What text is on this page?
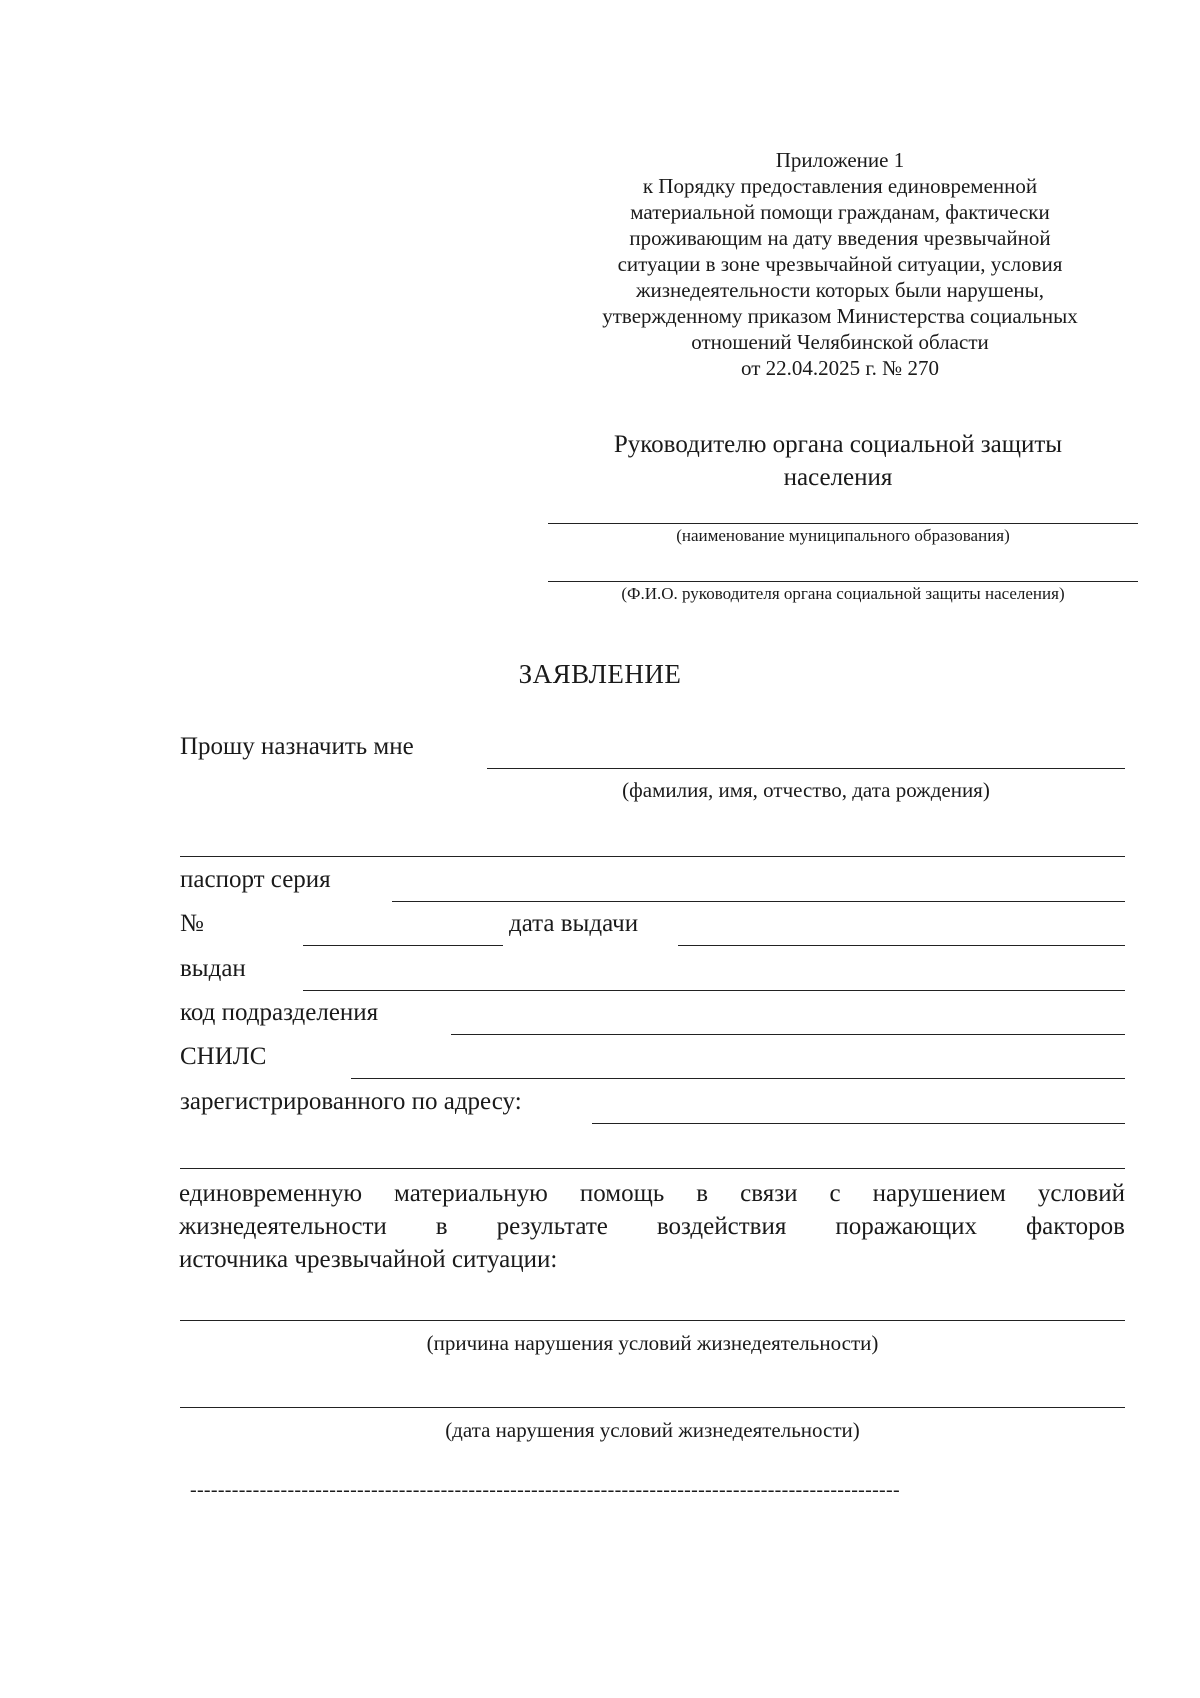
Приложение 1
к Порядку предоставления единовременной
материальной помощи гражданам, фактически
проживающим на дату введения чрезвычайной
ситуации в зоне чрезвычайной ситуации, условия
жизнедеятельности которых были нарушены,
утвержденному приказом Министерства социальных
отношений Челябинской области
от 22.04.2025 г. № 270
Руководителю органа социальной защиты
населения
(наименование муниципального образования)
(Ф.И.О. руководителя органа социальной защиты населения)
ЗАЯВЛЕНИЕ
Прошу назначить мне
(фамилия, имя, отчество, дата рождения)
паспорт серия
№	дата выдачи
выдан
код подразделения
СНИЛС
зарегистрированного по адресу:
единовременную материальную помощь в связи с нарушением условий
жизнедеятельности в результате воздействия поражающих факторов
источника чрезвычайной ситуации:
(причина нарушения условий жизнедеятельности)
(дата нарушения условий жизнедеятельности)
------------------------------------------------------------------------------------------------------
